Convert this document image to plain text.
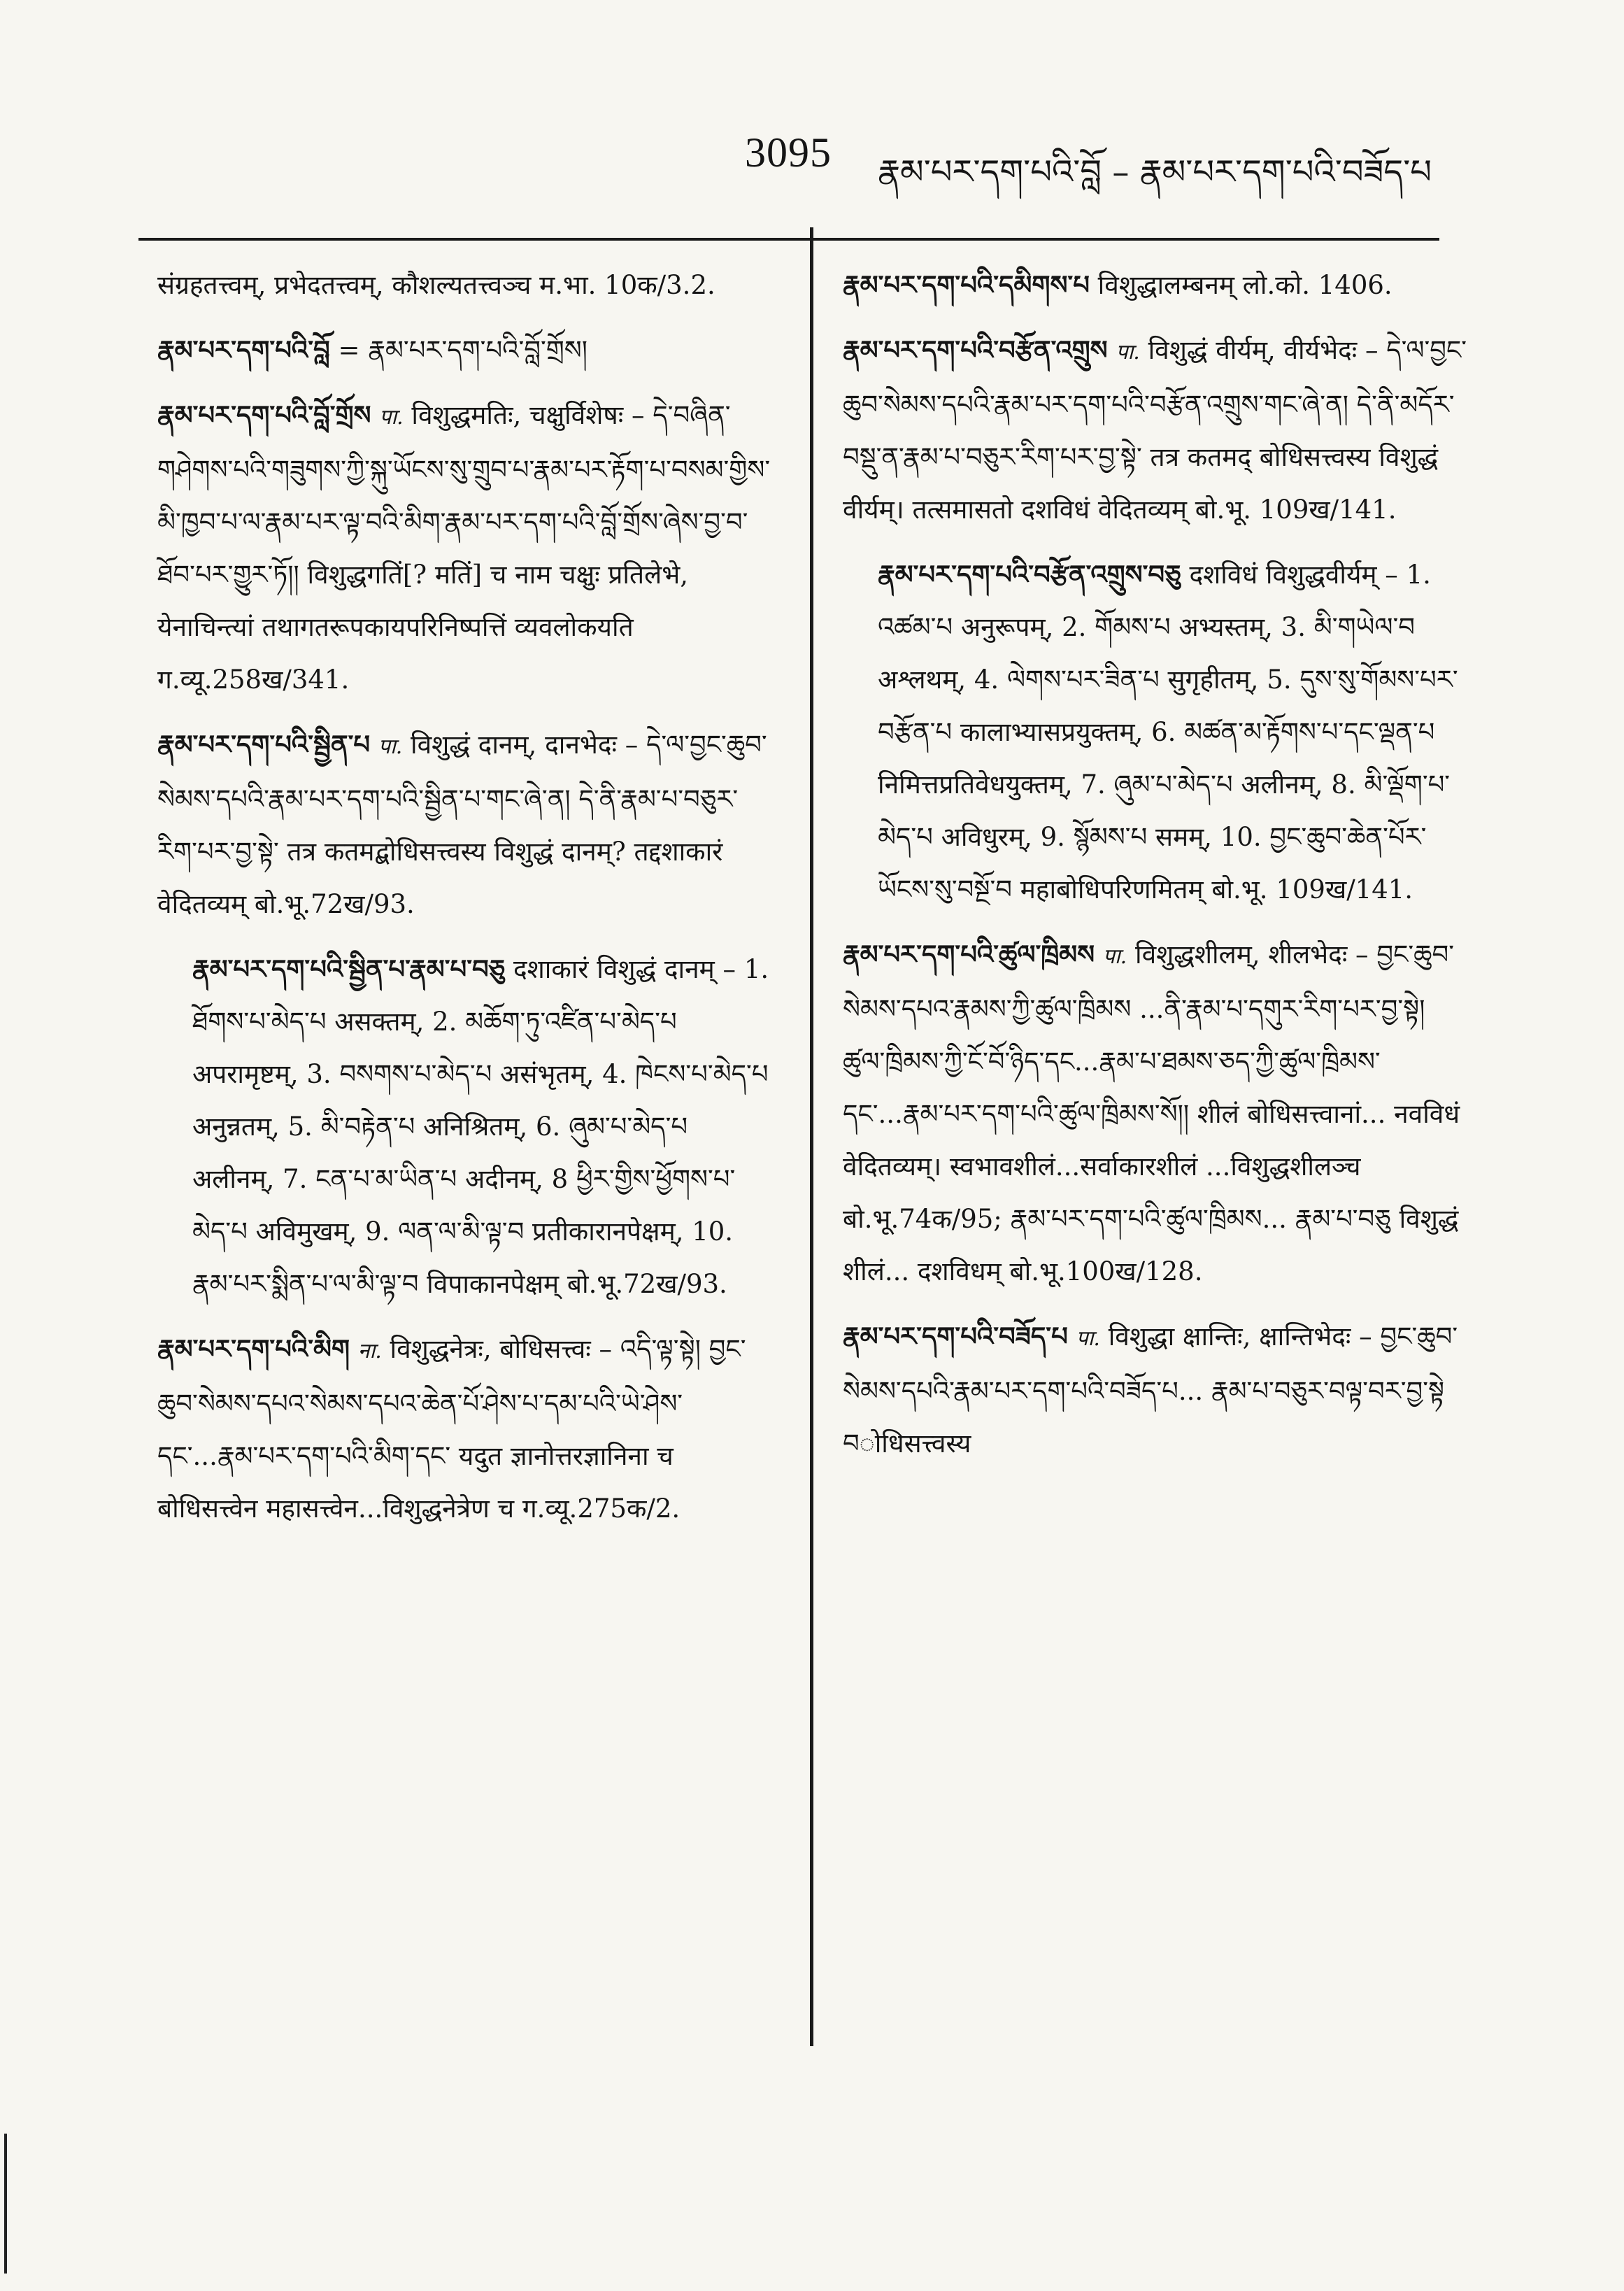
3095 རྣམ་པར་དག་པའི་བློ – རྣམ་པར་དག་པའི་བཟོད་པ

संग्रहतत्त्वम्, प्रभेदतत्त्वम्, कौशल्यतत्त्वञ्च म.भा. 10क/3.2.

རྣམ་པར་དག་པའི་བློ = རྣམ་པར་དག་པའི་བློ་གྲོས།

རྣམ་པར་དག་པའི་བློ་གྲོས पा. विशुद्धमतिः, चक्षुर्विशेषः – དེ་བཞིན་གཤེགས་པའི་གཟུགས་ཀྱི་སྐུ་ཡོངས་སུ་གྲུབ་པ་རྣམ་པར་རྟོག་པ་བསམ་གྱིས་མི་ཁྱབ་པ་ལ་རྣམ་པར་ལྟ་བའི་མིག་རྣམ་པར་དག་པའི་བློ་གྲོས་ཞེས་བྱ་བ་ཐོབ་པར་གྱུར་ཏོ།། विशुद्धगतिं[? मतिं] च नाम चक्षुः प्रतिलेभे, येनाचिन्त्यां तथागतरूपकायपरिनिष्पत्तिं व्यवलोकयति ग.व्यू.258ख/341.

རྣམ་པར་དག་པའི་སྦྱིན་པ पा. विशुद्धं दानम्, दानभेदः – དེ་ལ་བྱང་ཆུབ་སེམས་དཔའི་རྣམ་པར་དག་པའི་སྦྱིན་པ་གང་ཞེ་ན། དེ་ནི་རྣམ་པ་བཅུར་རིག་པར་བྱ་སྟེ་ तत्र कतमद्बोधिसत्त्वस्य विशुद्धं दानम्? तद्दशाकारं वेदितव्यम् बो.भू.72ख/93.

རྣམ་པར་དག་པའི་སྦྱིན་པ་རྣམ་པ་བཅུ दशाकारं विशुद्धं दानम् – 1. ཐོགས་པ་མེད་པ असक्तम्, 2. མཆོག་ཏུ་འཛིན་པ་མེད་པ अपरामृष्टम्, 3. བསགས་པ་མེད་པ असंभृतम्, 4. ཁེངས་པ་མེད་པ अनुन्नतम्, 5. མི་བརྟེན་པ अनिश्रितम्, 6. ཞུམ་པ་མེད་པ अलीनम्, 7. ངན་པ་མ་ཡིན་པ अदीनम्, 8 ཕྱིར་གྱིས་ཕྱོགས་པ་མེད་པ अविमुखम्, 9. ལན་ལ་མི་ལྟ་བ प्रतीकारानपेक्षम्, 10. རྣམ་པར་སྨིན་པ་ལ་མི་ལྟ་བ विपाकानपेक्षम् बो.भू.72ख/93.

རྣམ་པར་དག་པའི་མིག ना. विशुद्धनेत्रः, बोधिसत्त्वः – འདི་ལྟ་སྟེ། བྱང་ཆུབ་སེམས་དཔའ་སེམས་དཔའ་ཆེན་པོ་ཤེས་པ་དམ་པའི་ཡེ་ཤེས་དང་...རྣམ་པར་དག་པའི་མིག་དང་ यदुत ज्ञानोत्तरज्ञानिना च बोधिसत्त्वेन महासत्त्वेन...विशुद्धनेत्रेण च ग.व्यू.275क/2.

རྣམ་པར་དག་པའི་དམིགས་པ विशुद्धालम्बनम् लो.को. 1406.

རྣམ་པར་དག་པའི་བརྩོན་འགྲུས पा. विशुद्धं वीर्यम्, वीर्यभेदः – དེ་ལ་བྱང་ཆུབ་སེམས་དཔའི་རྣམ་པར་དག་པའི་བརྩོན་འགྲུས་གང་ཞེ་ན། དེ་ནི་མདོར་བསྡུ་ན་རྣམ་པ་བཅུར་རིག་པར་བྱ་སྟེ་ तत्र कतमद् बोधिसत्त्वस्य विशुद्धं वीर्यम्। तत्समासतो दशविधं वेदितव्यम् बो.भू. 109ख/141.

རྣམ་པར་དག་པའི་བརྩོན་འགྲུས་བཅུ दशविधं विशुद्धवीर्यम् – 1. འཚམ་པ अनुरूपम्, 2. གོམས་པ अभ्यस्तम्, 3. མི་གཡེལ་བ अश्लथम्, 4. ལེགས་པར་ཟིན་པ सुगृहीतम्, 5. དུས་སུ་གོམས་པར་བརྩོན་པ कालाभ्यासप्रयुक्तम्, 6. མཚན་མ་རྟོགས་པ་དང་ལྡན་པ निमित्तप्रतिवेधयुक्तम्, 7. ཞུམ་པ་མེད་པ अलीनम्, 8. མི་ལྡོག་པ་མེད་པ अविधुरम्, 9. སྙོམས་པ समम्, 10. བྱང་ཆུབ་ཆེན་པོར་ཡོངས་སུ་བསྔོ་བ महाबोधिपरिणमितम् बो.भू. 109ख/141.

རྣམ་པར་དག་པའི་ཚུལ་ཁྲིམས पा. विशुद्धशीलम्, शीलभेदः – བྱང་ཆུབ་སེམས་དཔའ་རྣམས་ཀྱི་ཚུལ་ཁྲིམས ...ནི་རྣམ་པ་དགུར་རིག་པར་བྱ་སྟེ། ཚུལ་ཁྲིམས་ཀྱི་ངོ་བོ་ཉིད་དང...རྣམ་པ་ཐམས་ཅད་ཀྱི་ཚུལ་ཁྲིམས་དང་...རྣམ་པར་དག་པའི་ཚུལ་ཁྲིམས་སོ།། शीलं बोधिसत्त्वानां... नवविधं वेदितव्यम्। स्वभावशीलं...सर्वाकारशीलं ...विशुद्धशीलञ्च बो.भू.74क/95; རྣམ་པར་དག་པའི་ཚུལ་ཁྲིམས... རྣམ་པ་བཅུ विशुद्धं शीलं... दशविधम् बो.भू.100ख/128.

རྣམ་པར་དག་པའི་བཟོད་པ पा. विशुद्धा क्षान्तिः, क्षान्तिभेदः – བྱང་ཆུབ་སེམས་དཔའི་རྣམ་པར་དག་པའི་བཟོད་པ... རྣམ་པ་བཅུར་བལྟ་བར་བྱ་སྟེ བोधिसत्त्वस्य
